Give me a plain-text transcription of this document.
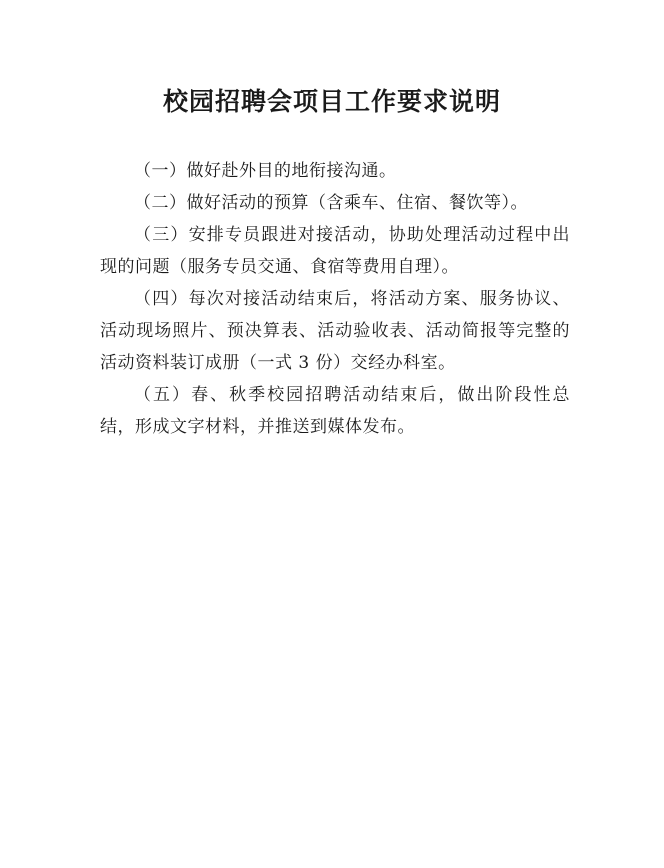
校园招聘会项目工作要求说明

（一）做好赴外目的地衔接沟通。

（二）做好活动的预算（含乘车、住宿、餐饮等）。

（三）安排专员跟进对接活动，协助处理活动过程中出现的问题（服务专员交通、食宿等费用自理）。

（四）每次对接活动结束后，将活动方案、服务协议、活动现场照片、预决算表、活动验收表、活动简报等完整的活动资料装订成册（一式 3 份）交经办科室。

（五）春、秋季校园招聘活动结束后，做出阶段性总结，形成文字材料，并推送到媒体发布。
